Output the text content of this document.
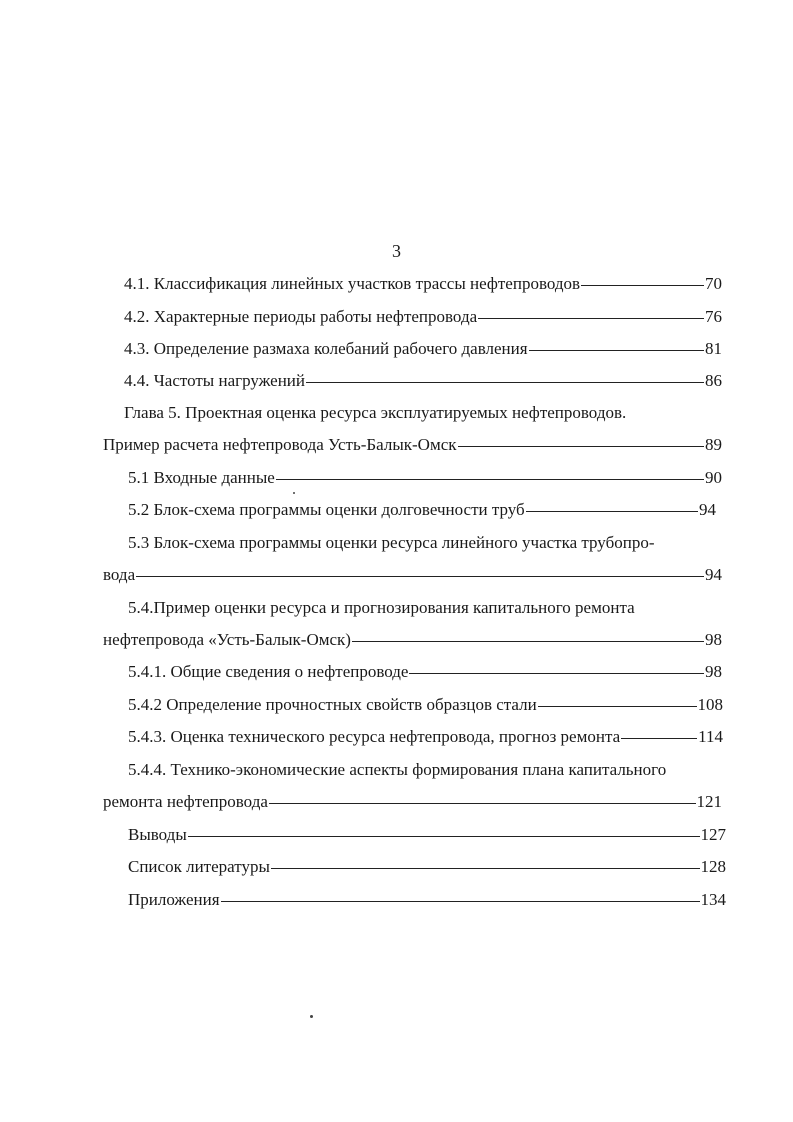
3
4.1. Классификация линейных участков трассы нефтепроводов	70
4.2. Характерные периоды работы нефтепровода	76
4.3. Определение размаха колебаний рабочего давления	81
4.4. Частоты нагружений	86
Глава 5. Проектная оценка ресурса эксплуатируемых нефтепроводов.
Пример расчета нефтепровода Усть-Балык-Омск	89
5.1 Входные данные	90
5.2 Блок-схема программы оценки долговечности труб	94
5.3 Блок-схема программы оценки ресурса линейного участка трубопро-
вода	94
5.4.Пример оценки ресурса и прогнозирования капитального ремонта
нефтепровода «Усть-Балык-Омск)	98
5.4.1. Общие сведения о нефтепроводе	98
5.4.2 Определение прочностных свойств образцов стали	108
5.4.3. Оценка технического ресурса нефтепровода, прогноз ремонта	114
5.4.4. Технико-экономические аспекты формирования плана капитального
ремонта нефтепровода	121
Выводы	127
Список литературы	128
Приложения	134
